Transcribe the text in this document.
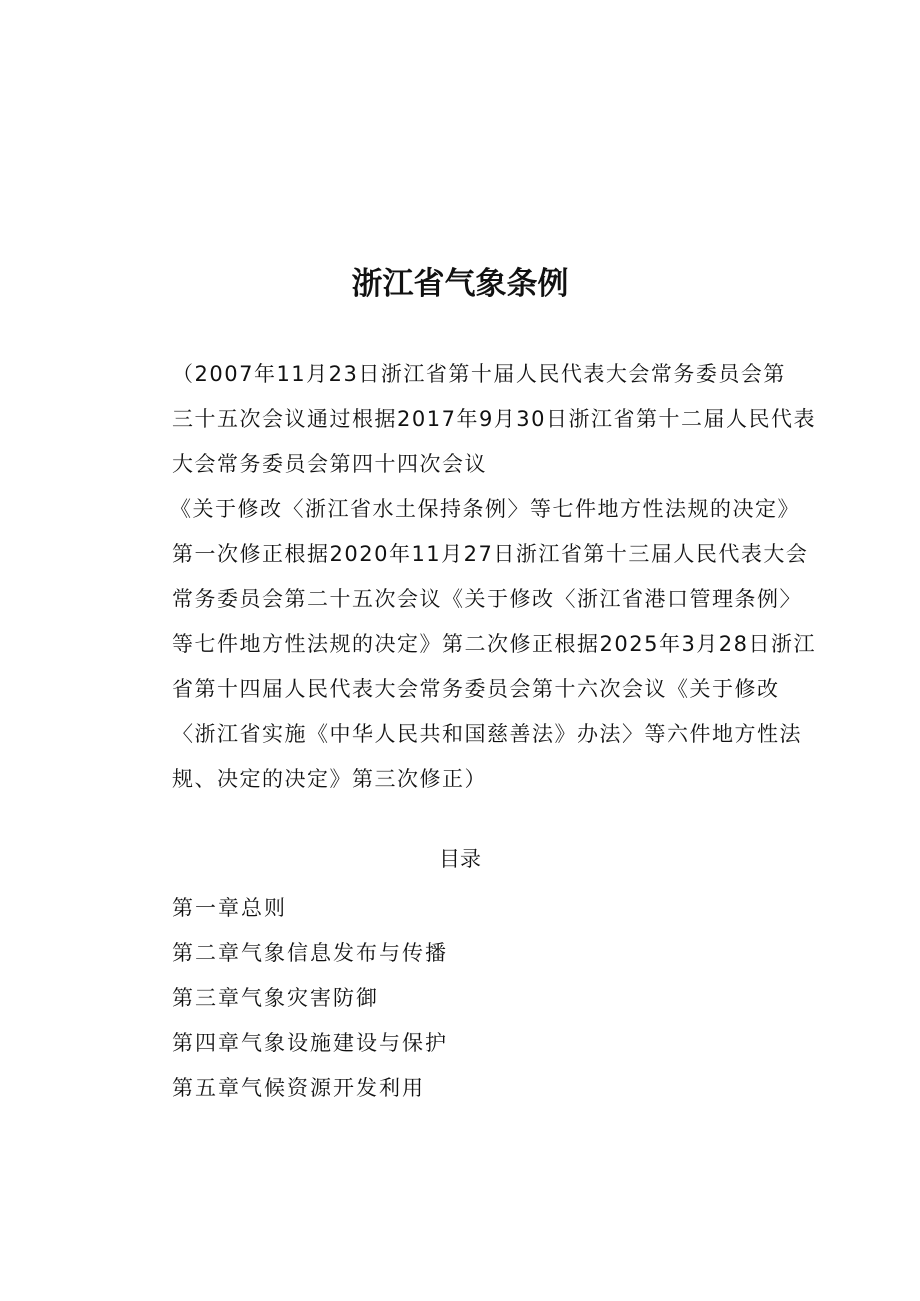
浙江省气象条例
（2007年11月23日浙江省第十届人民代表大会常务委员会第
三十五次会议通过根据2017年9月30日浙江省第十二届人民代表
大会常务委员会第四十四次会议
《关于修改〈浙江省水土保持条例〉等七件地方性法规的决定》
第一次修正根据2020年11月27日浙江省第十三届人民代表大会
常务委员会第二十五次会议《关于修改〈浙江省港口管理条例〉
等七件地方性法规的决定》第二次修正根据2025年3月28日浙江
省第十四届人民代表大会常务委员会第十六次会议《关于修改
〈浙江省实施《中华人民共和国慈善法》办法〉等六件地方性法
规、决定的决定》第三次修正）
目录
第一章总则
第二章气象信息发布与传播
第三章气象灾害防御
第四章气象设施建设与保护
第五章气候资源开发利用
